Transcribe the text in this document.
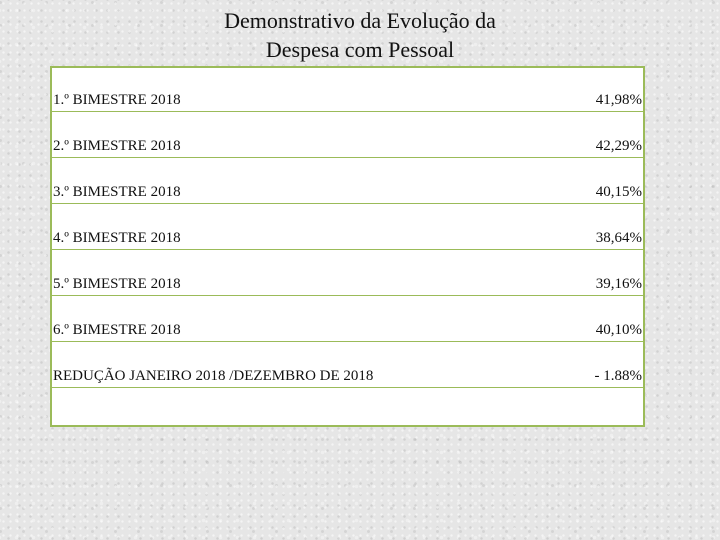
Demonstrativo da Evolução da
Despesa com Pessoal
1.º BIMESTRE 2018	41,98%
2.º BIMESTRE 2018	42,29%
3.º BIMESTRE 2018	40,15%
4.º BIMESTRE 2018	38,64%
5.º BIMESTRE 2018	39,16%
6.º BIMESTRE 2018	40,10%
REDUÇÃO JANEIRO 2018 /DEZEMBRO DE 2018	- 1.88%
